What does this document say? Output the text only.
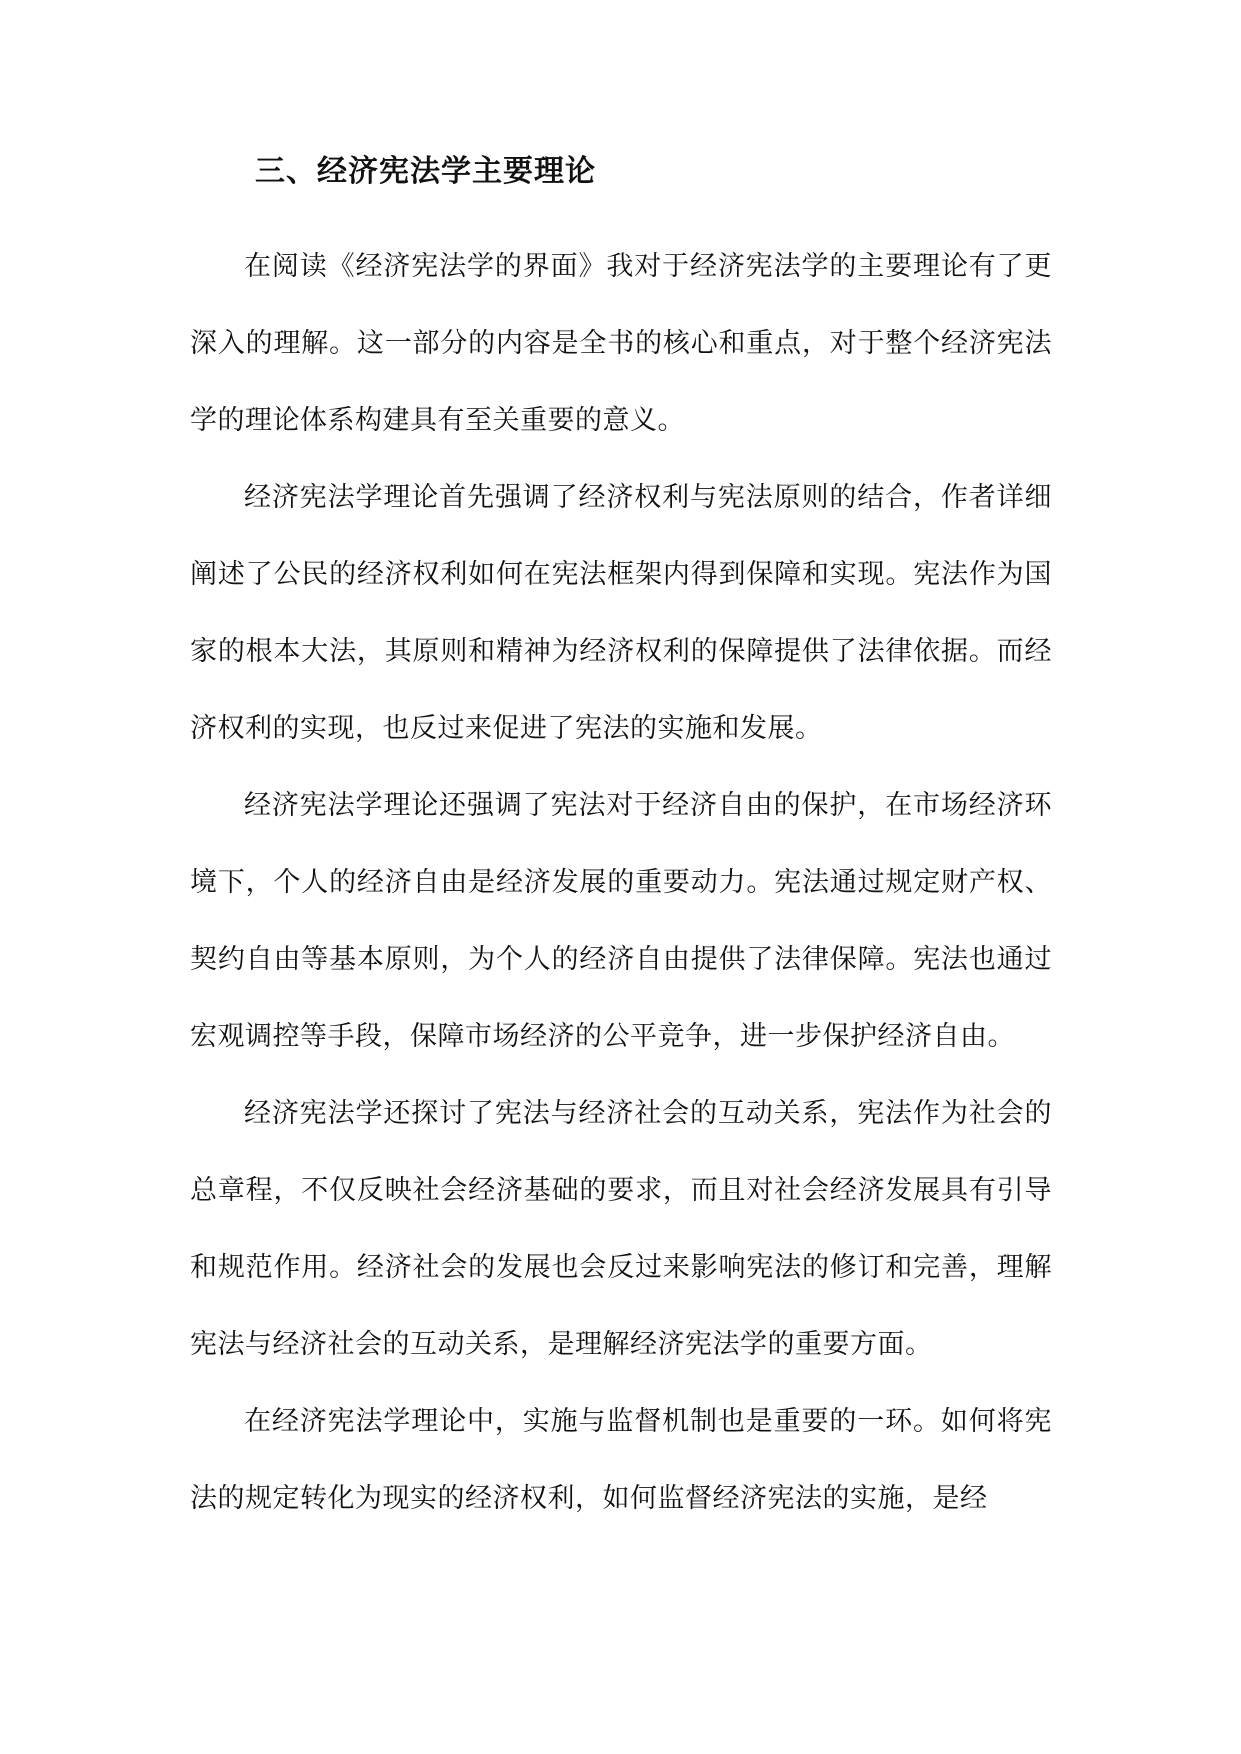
三、经济宪法学主要理论

在阅读《经济宪法学的界面》我对于经济宪法学的主要理论有了更深入的理解。这一部分的内容是全书的核心和重点，对于整个经济宪法学的理论体系构建具有至关重要的意义。

经济宪法学理论首先强调了经济权利与宪法原则的结合，作者详细阐述了公民的经济权利如何在宪法框架内得到保障和实现。宪法作为国家的根本大法，其原则和精神为经济权利的保障提供了法律依据。而经济权利的实现，也反过来促进了宪法的实施和发展。

经济宪法学理论还强调了宪法对于经济自由的保护，在市场经济环境下，个人的经济自由是经济发展的重要动力。宪法通过规定财产权、契约自由等基本原则，为个人的经济自由提供了法律保障。宪法也通过宏观调控等手段，保障市场经济的公平竞争，进一步保护经济自由。

经济宪法学还探讨了宪法与经济社会的互动关系，宪法作为社会的总章程，不仅反映社会经济基础的要求，而且对社会经济发展具有引导和规范作用。经济社会的发展也会反过来影响宪法的修订和完善，理解宪法与经济社会的互动关系，是理解经济宪法学的重要方面。

在经济宪法学理论中，实施与监督机制也是重要的一环。如何将宪法的规定转化为现实的经济权利，如何监督经济宪法的实施，是经
